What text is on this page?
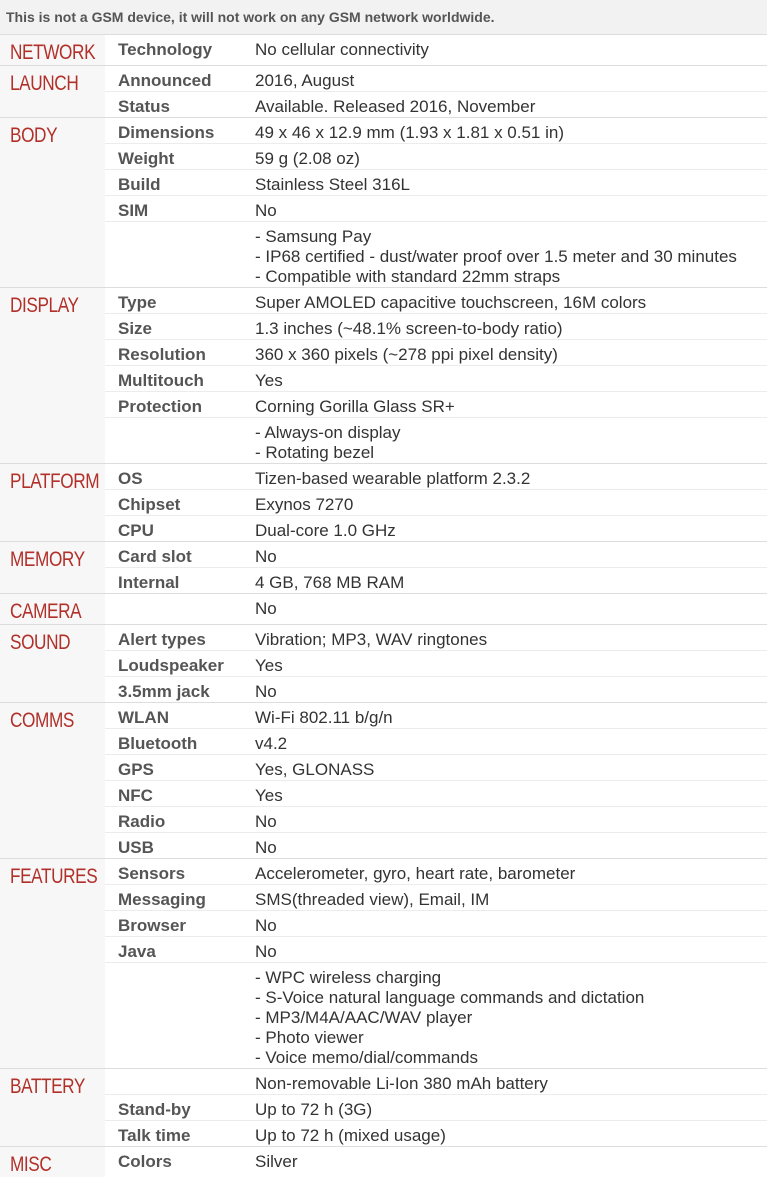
This is not a GSM device, it will not work on any GSM network worldwide.
NETWORK	Technology	No cellular connectivity
LAUNCH	Announced	2016, August
	Status	Available. Released 2016, November
BODY	Dimensions	49 x 46 x 12.9 mm (1.93 x 1.81 x 0.51 in)
	Weight	59 g (2.08 oz)
	Build	Stainless Steel 316L
	SIM	No
		- Samsung Pay
- IP68 certified - dust/water proof over 1.5 meter and 30 minutes
- Compatible with standard 22mm straps
DISPLAY	Type	Super AMOLED capacitive touchscreen, 16M colors
	Size	1.3 inches (~48.1% screen-to-body ratio)
	Resolution	360 x 360 pixels (~278 ppi pixel density)
	Multitouch	Yes
	Protection	Corning Gorilla Glass SR+
		- Always-on display
- Rotating bezel
PLATFORM	OS	Tizen-based wearable platform 2.3.2
	Chipset	Exynos 7270
	CPU	Dual-core 1.0 GHz
MEMORY	Card slot	No
	Internal	4 GB, 768 MB RAM
CAMERA		No
SOUND	Alert types	Vibration; MP3, WAV ringtones
	Loudspeaker	Yes
	3.5mm jack	No
COMMS	WLAN	Wi-Fi 802.11 b/g/n
	Bluetooth	v4.2
	GPS	Yes, GLONASS
	NFC	Yes
	Radio	No
	USB	No
FEATURES	Sensors	Accelerometer, gyro, heart rate, barometer
	Messaging	SMS(threaded view), Email, IM
	Browser	No
	Java	No
		- WPC wireless charging
- S-Voice natural language commands and dictation
- MP3/M4A/AAC/WAV player
- Photo viewer
- Voice memo/dial/commands
BATTERY		Non-removable Li-Ion 380 mAh battery
	Stand-by	Up to 72 h (3G)
	Talk time	Up to 72 h (mixed usage)
MISC	Colors	Silver
